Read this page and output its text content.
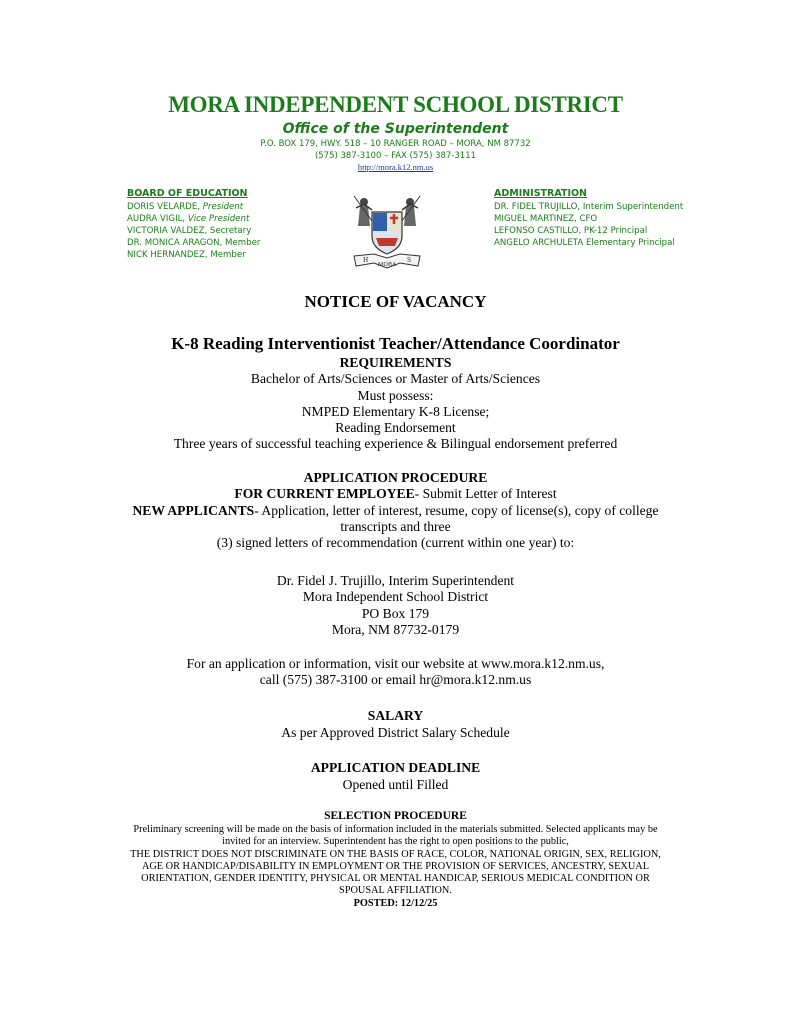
MORA INDEPENDENT SCHOOL DISTRICT
Office of the Superintendent
P.O. BOX 179, HWY. 518 – 10 RANGER ROAD – MORA, NM 87732
(575) 387-3100 – FAX (575) 387-3111
http://mora.k12.nm.us
BOARD OF EDUCATION
DORIS VELARDE, President
AUDRA VIGIL, Vice President
VICTORIA VALDEZ, Secretary
DR. MONICA ARAGON, Member
NICK HERNANDEZ, Member
H	S
MORA
ADMINISTRATION
DR. FIDEL TRUJILLO, Interim Superintendent
MIGUEL MARTINEZ, CFO
LEFONSO CASTILLO, PK-12 Principal
ANGELO ARCHULETA Elementary Principal
NOTICE OF VACANCY
K-8 Reading Interventionist Teacher/Attendance Coordinator
REQUIREMENTS
Bachelor of Arts/Sciences or Master of Arts/Sciences
Must possess:
NMPED Elementary K-8 License;
Reading Endorsement
Three years of successful teaching experience & Bilingual endorsement preferred
APPLICATION PROCEDURE
FOR CURRENT EMPLOYEE- Submit Letter of Interest
NEW APPLICANTS- Application, letter of interest, resume, copy of license(s), copy of college
transcripts and three
(3) signed letters of recommendation (current within one year) to:
Dr. Fidel J. Trujillo, Interim Superintendent
Mora Independent School District
PO Box 179
Mora, NM 87732-0179
For an application or information, visit our website at www.mora.k12.nm.us,
call (575) 387-3100 or email hr@mora.k12.nm.us
SALARY
As per Approved District Salary Schedule
APPLICATION DEADLINE
Opened until Filled
SELECTION PROCEDURE
Preliminary screening will be made on the basis of information included in the materials submitted. Selected applicants may be
invited for an interview. Superintendent has the right to open positions to the public,
THE DISTRICT DOES NOT DISCRIMINATE ON THE BASIS OF RACE, COLOR, NATIONAL ORIGIN, SEX, RELIGION,
AGE OR HANDICAP/DISABILITY IN EMPLOYMENT OR THE PROVISION OF SERVICES, ANCESTRY, SEXUAL
ORIENTATION, GENDER IDENTITY, PHYSICAL OR MENTAL HANDICAP, SERIOUS MEDICAL CONDITION OR
SPOUSAL AFFILIATION.
POSTED: 12/12/25
